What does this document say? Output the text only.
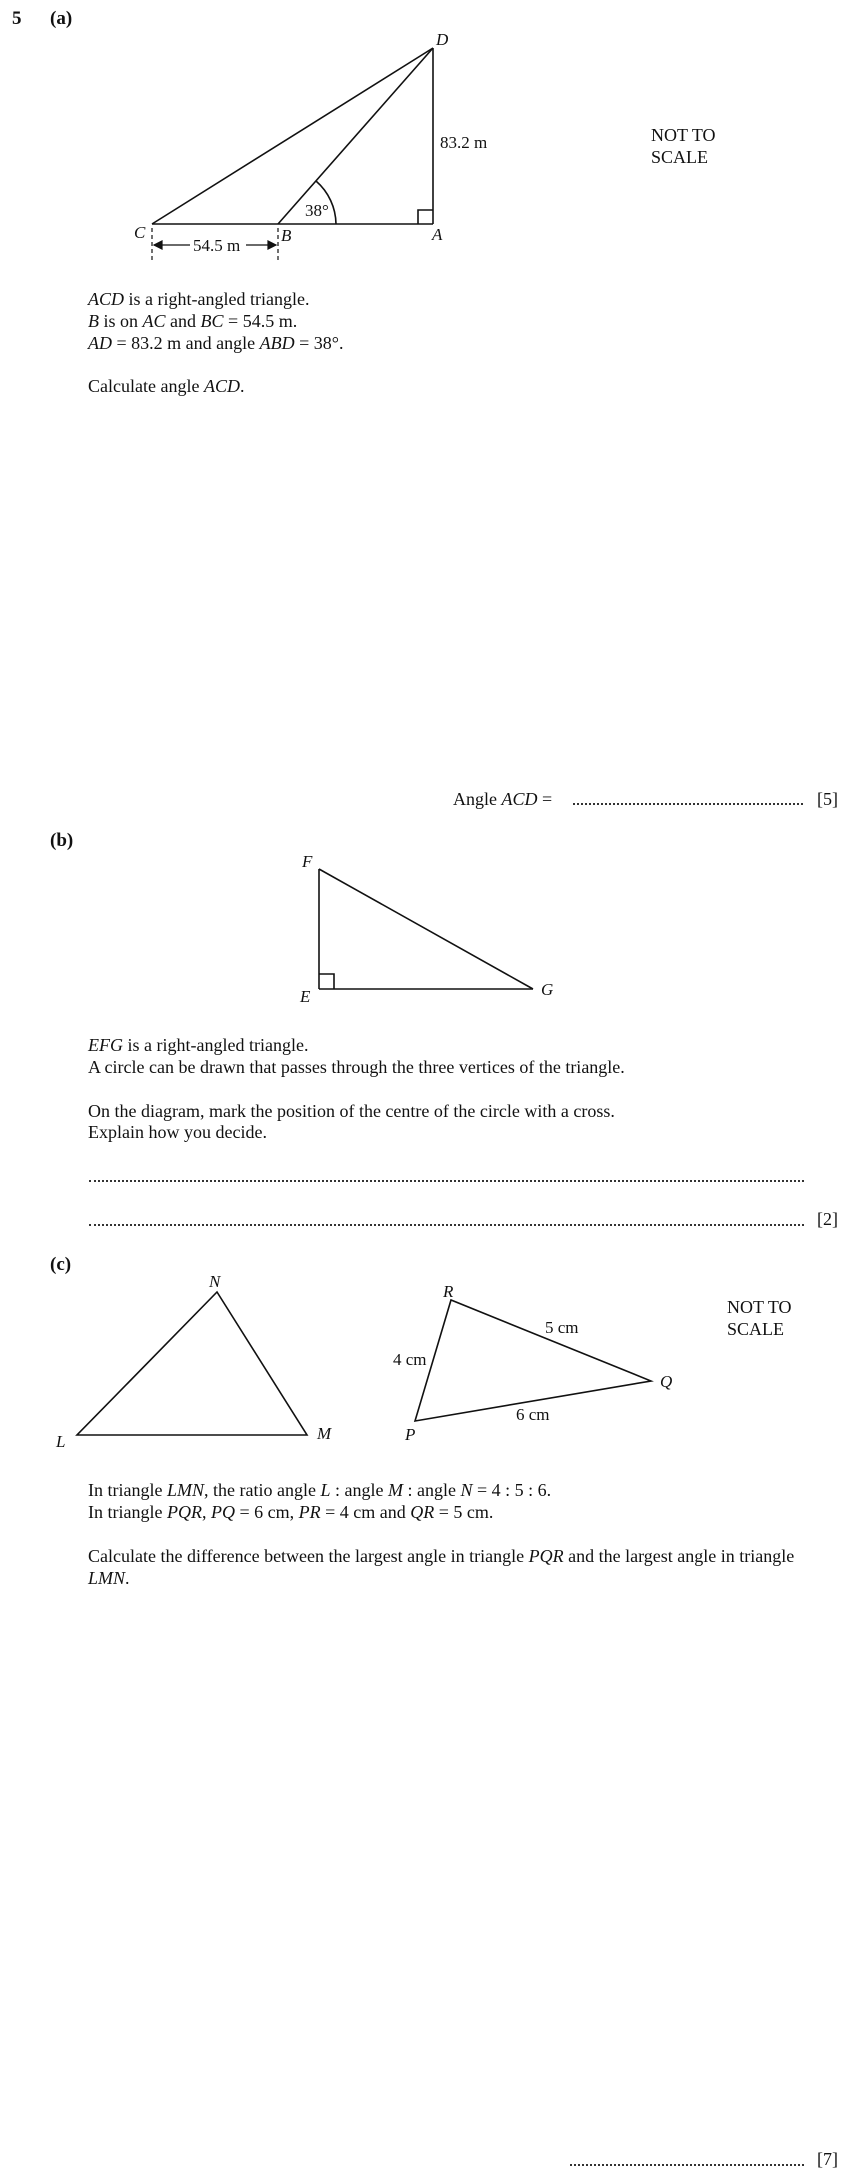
5 (a)
D
C	B	A
83.2 m
38°
54.5 m
NOT TO
SCALE
ACD is a right-angled triangle.
B is on AC and BC = 54.5 m.
AD = 83.2 m and angle ABD = 38°.
Calculate angle ACD.
Angle ACD =	[5]
(b)
F
E	G
EFG is a right-angled triangle.
A circle can be drawn that passes through the three vertices of the triangle.
On the diagram, mark the position of the centre of the circle with a cross.
Explain how you decide.
[2]
(c)
N
L	M
R
Q
P
5 cm
4 cm
6 cm
NOT TO
SCALE
In triangle LMN, the ratio angle L : angle M : angle N = 4 : 5 : 6.
In triangle PQR, PQ = 6 cm, PR = 4 cm and QR = 5 cm.
Calculate the difference between the largest angle in triangle PQR and the largest angle in triangle
LMN.
[7]
